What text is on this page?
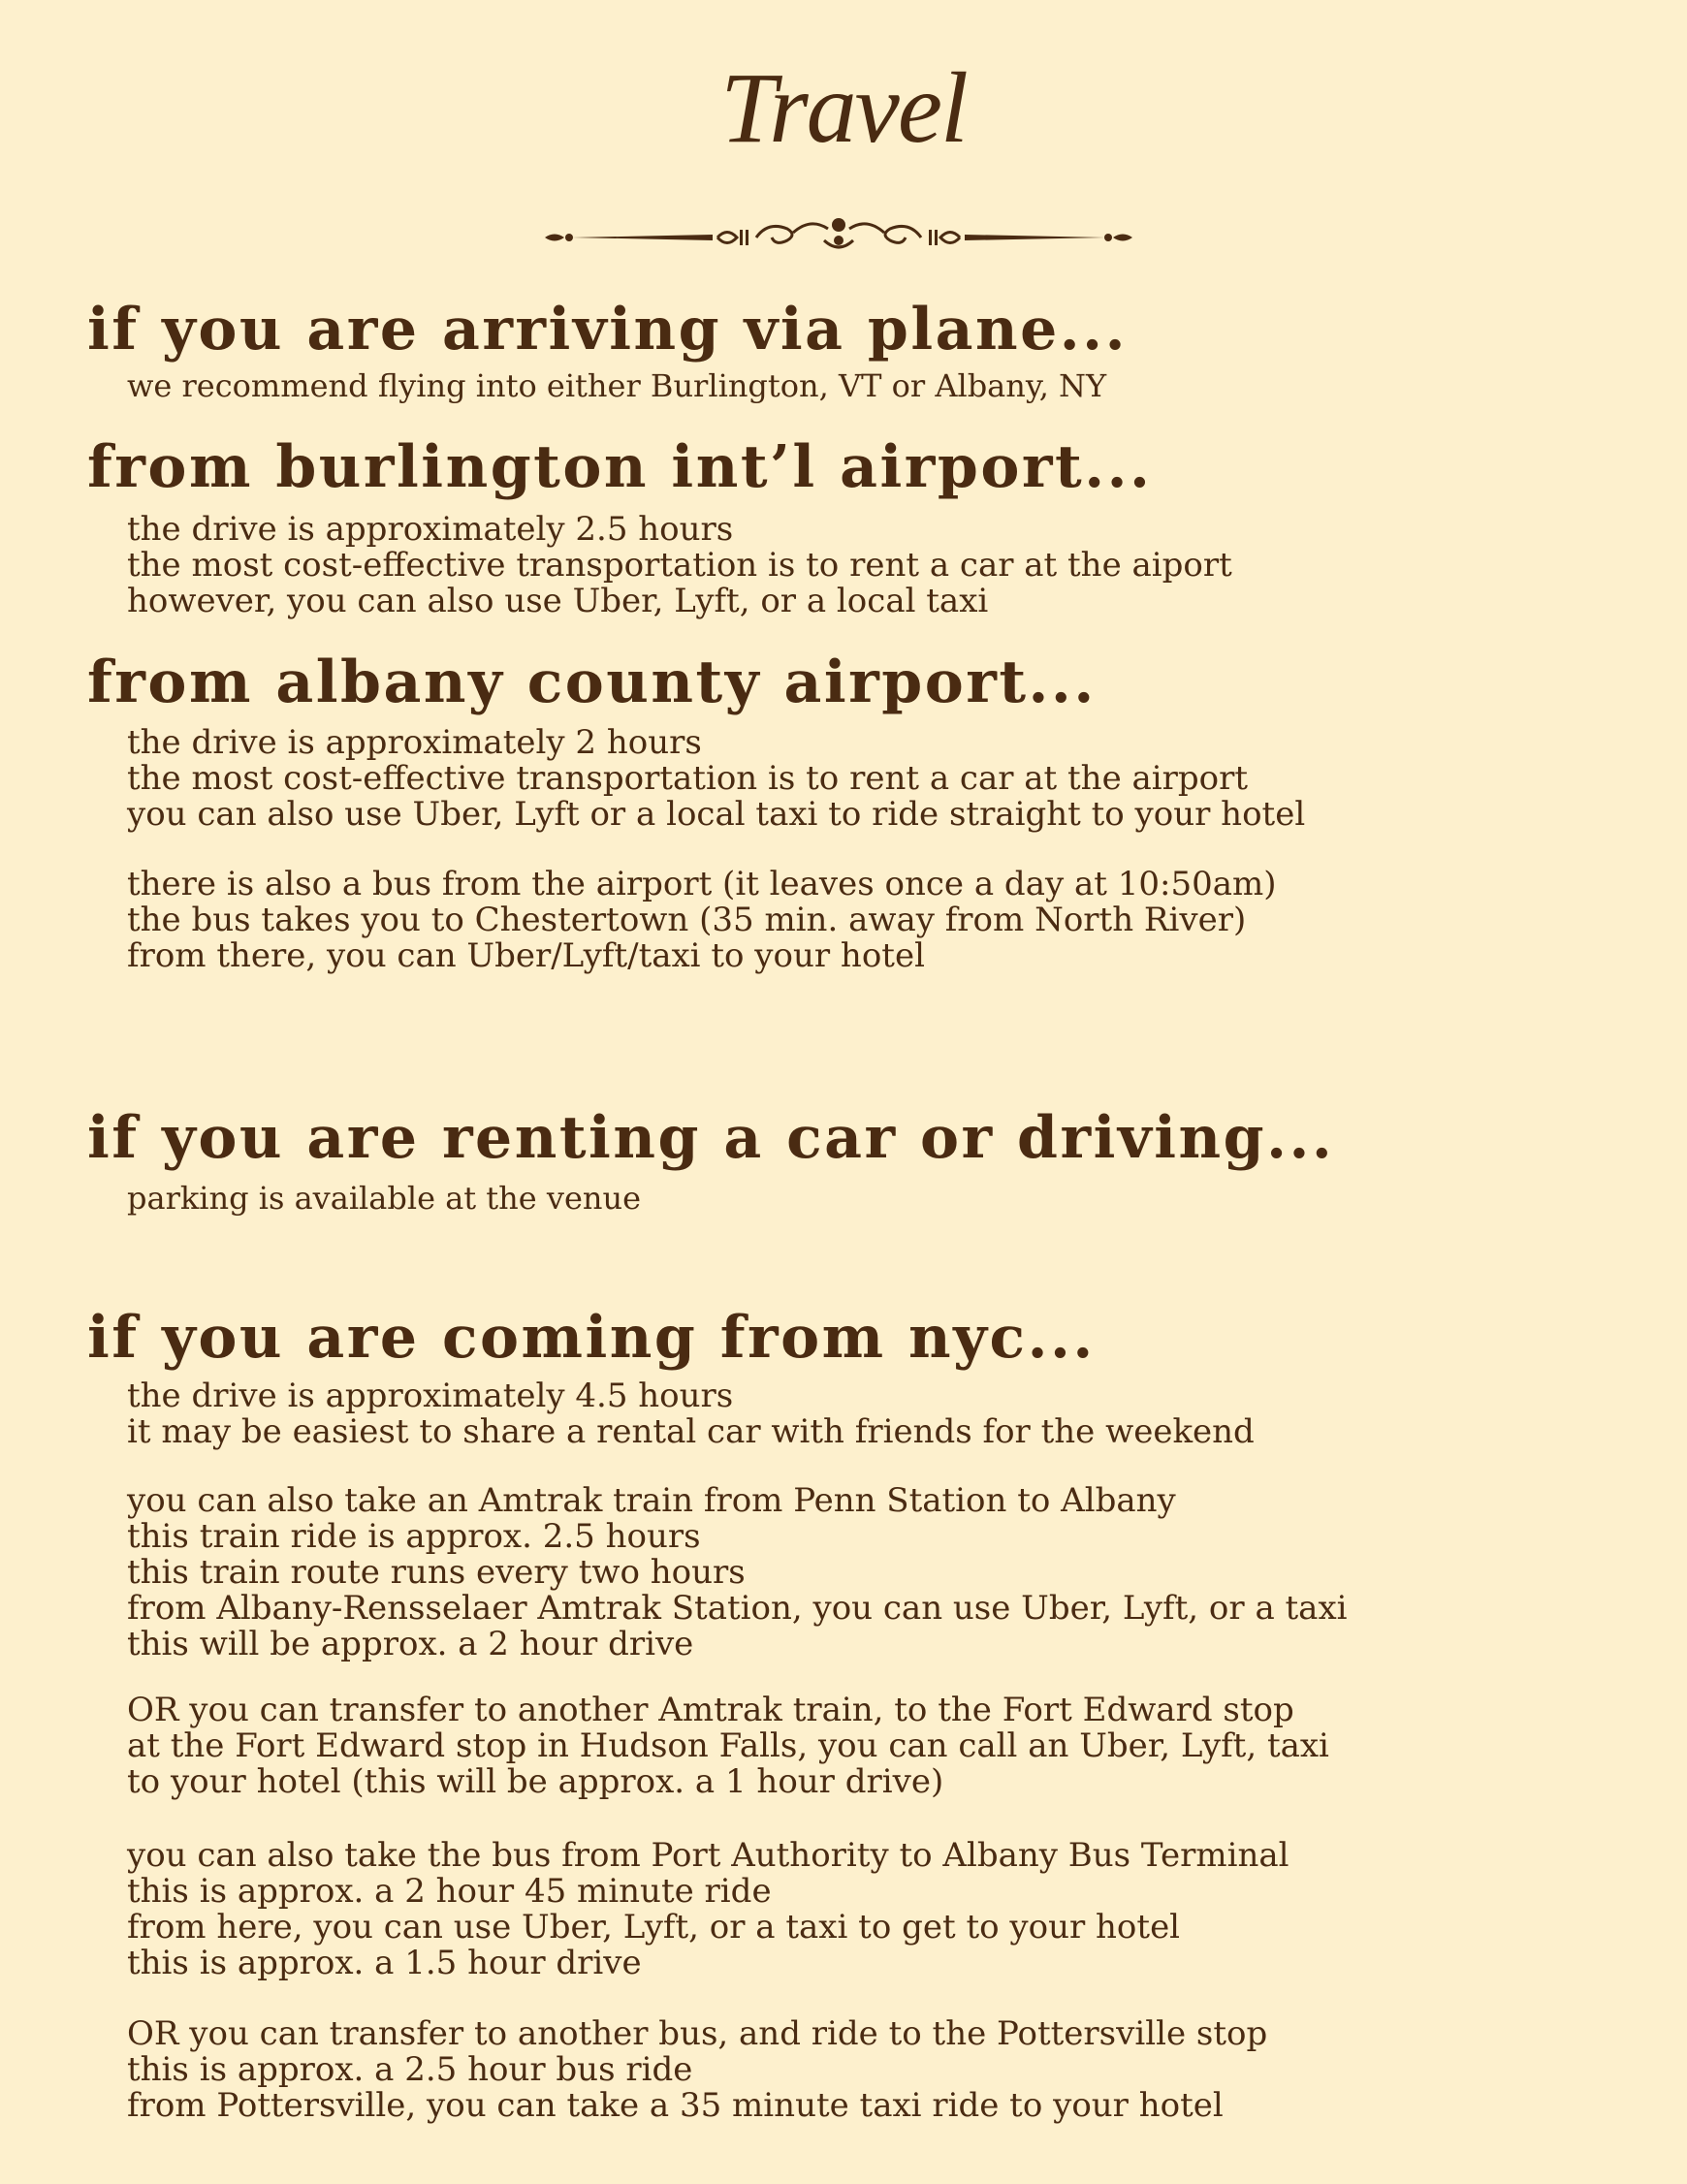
Travel
if you are arriving via plane...
we recommend flying into either Burlington, VT or Albany, NY
from burlington int’l airport...
the drive is approximately 2.5 hours
the most cost-effective transportation is to rent a car at the aiport
however, you can also use Uber, Lyft, or a local taxi
from albany county airport...
the drive is approximately 2 hours
the most cost-effective transportation is to rent a car at the airport
you can also use Uber, Lyft or a local taxi to ride straight to your hotel
there is also a bus from the airport (it leaves once a day at 10:50am)
the bus takes you to Chestertown (35 min. away from North River)
from there, you can Uber/Lyft/taxi to your hotel
if you are renting a car or driving...
parking is available at the venue
if you are coming from nyc...
the drive is approximately 4.5 hours
it may be easiest to share a rental car with friends for the weekend
you can also take an Amtrak train from Penn Station to Albany
this train ride is approx. 2.5 hours
this train route runs every two hours
from Albany-Rensselaer Amtrak Station, you can use Uber, Lyft, or a taxi
this will be approx. a 2 hour drive
OR you can transfer to another Amtrak train, to the Fort Edward stop
at the Fort Edward stop in Hudson Falls, you can call an Uber, Lyft, taxi
to your hotel (this will be approx. a 1 hour drive)
you can also take the bus from Port Authority to Albany Bus Terminal
this is approx. a 2 hour 45 minute ride
from here, you can use Uber, Lyft, or a taxi to get to your hotel
this is approx. a 1.5 hour drive
OR you can transfer to another bus, and ride to the Pottersville stop
this is approx. a 2.5 hour bus ride
from Pottersville, you can take a 35 minute taxi ride to your hotel
